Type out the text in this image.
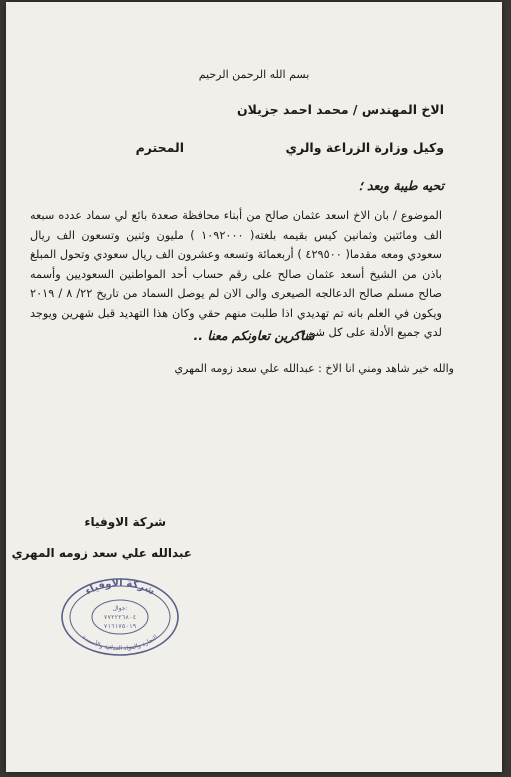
بسم الله الرحمن الرحيم
الاخ المهندس / محمد احمد جزيلان
وكيل وزارة الزراعة والري
المحترم
تحيه طيبة وبعد ؛
الموضوع / بان الاخ اسعد عثمان صالح من أبناء محافظة صعدة بائع لي سماد عدده سبعه الف ومائتين وثمانين كيس بقيمه بلغته( ١٠٩٢٠٠٠ ) مليون وثنين وتسعون الف ريال سعودي ومعه مقدما( ٤٢٩٥٠٠ ) أربعمائة وتسعه وعشرون الف ريال سعودي وتحول المبلغ باذن من الشيخ أسعد عثمان صالح على رقم حساب أحد المواطنين السعوديين وأسمه صالح مسلم صالح الدعالجه الصيعرى والى الان لم يوصل السماد من تاريخ ٢٢/ ٨ / ٢٠١٩ ويكون في العلم بانه تم تهديدي اذا طلبت منهم حقي وكان هذا التهديد قبل شهرين ويوجد لدي جميع الأدلة على كل شيء .
شاكرين تعاونكم معنا ..
والله خير شاهد ومني انا الاخ : عبدالله علي سعد زومه المهري
شركة الاوفياء
عبدالله علي سعد زومه المهري
شركة الاوفياء
للتجارة والمواد الغذائية والأسمدة
جوال:
٧٧٢٢٢٦٨٠٤
٧١٦١٧٥٠١٩
